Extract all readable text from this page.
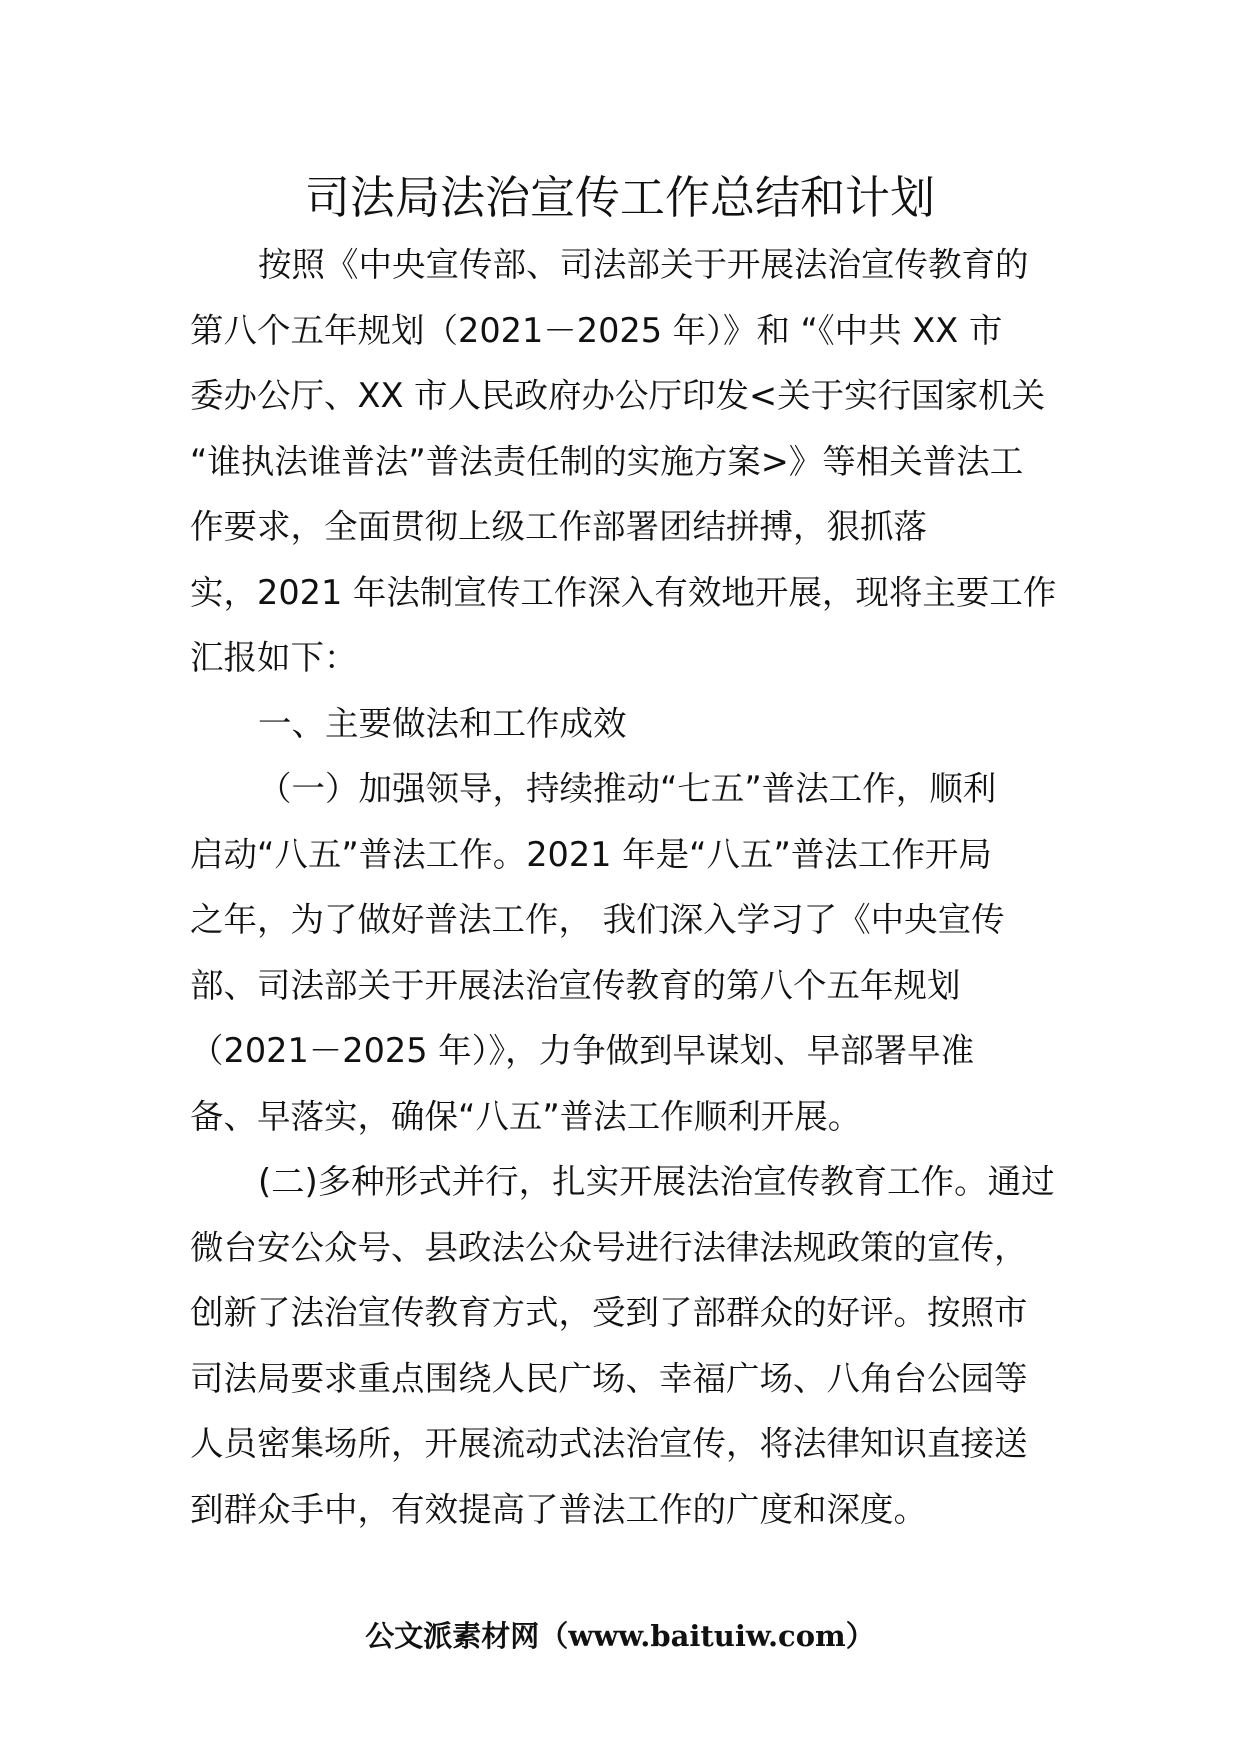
司法局法治宣传工作总结和计划
按照《中央宣传部、司法部关于开展法治宣传教育的
第八个五年规划（2021－2025 年）》和 “《中共 XX 市
委办公厅、XX 市人民政府办公厅印发<关于实行国家机关
“谁执法谁普法”普法责任制的实施方案>》等相关普法工
作要求，全面贯彻上级工作部署团结拼搏，狠抓落
实，2021 年法制宣传工作深入有效地开展，现将主要工作
汇报如下：
一、主要做法和工作成效
（一）加强领导，持续推动“七五”普法工作，顺利
启动“八五”普法工作。2021 年是“八五”普法工作开局
之年，为了做好普法工作， 我们深入学习了《中央宣传
部、司法部关于开展法治宣传教育的第八个五年规划
（2021－2025 年）》，力争做到早谋划、早部署早准
备、早落实，确保“八五”普法工作顺利开展。
(二)多种形式并行，扎实开展法治宣传教育工作。通过
微台安公众号、县政法公众号进行法律法规政策的宣传，
创新了法治宣传教育方式，受到了部群众的好评。按照市
司法局要求重点围绕人民广场、幸福广场、八角台公园等
人员密集场所，开展流动式法治宣传，将法律知识直接送
到群众手中，有效提高了普法工作的广度和深度。
公文派素材网（www.baituiw.com）
